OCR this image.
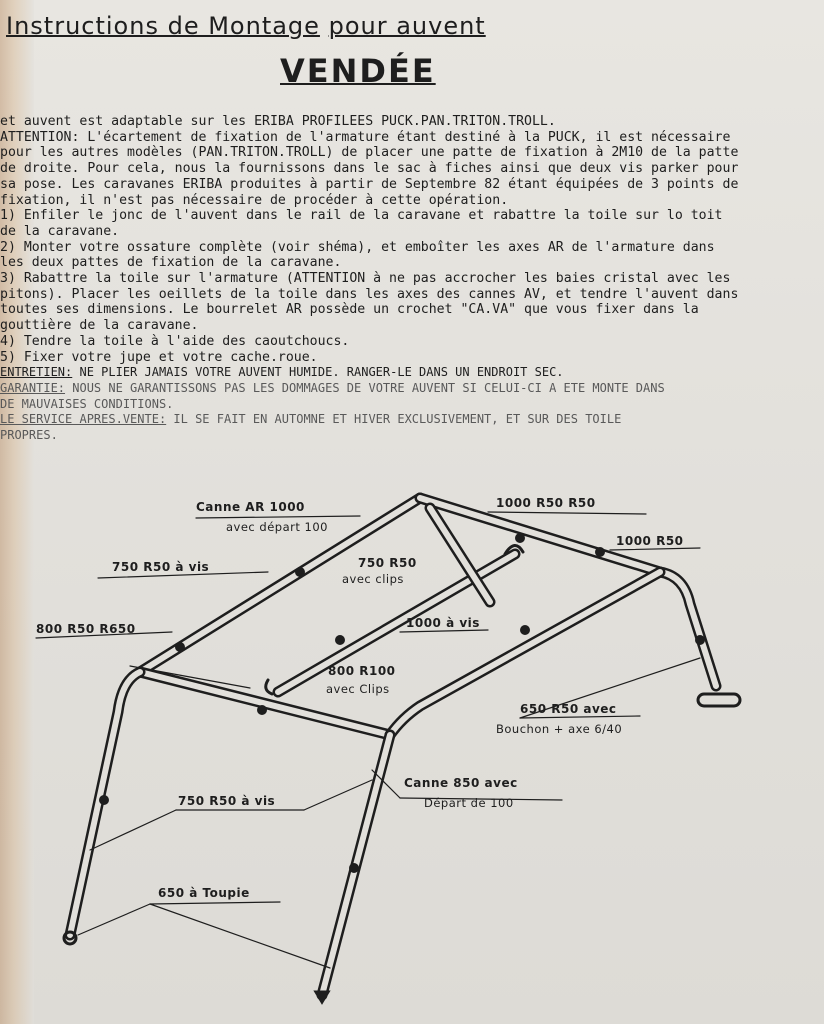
Instructions de Montage pour auvent
VENDÉE
et auvent est adaptable sur les ERIBA PROFILEES PUCK.PAN.TRITON.TROLL.
ATTENTION: L'écartement de fixation de l'armature étant destiné à la PUCK, il est nécessaire
pour les autres modèles (PAN.TRITON.TROLL) de placer une patte de fixation à 2M10 de la patte
de droite. Pour cela, nous la fournissons dans le sac à fiches ainsi que deux vis parker pour
sa pose. Les caravanes ERIBA produites à partir de Septembre 82 étant équipées de 3 points de
fixation, il n'est pas nécessaire de procéder à cette opération.
1) Enfiler le jonc de l'auvent dans le rail de la caravane et rabattre la toile sur lo toit
de la caravane.
2) Monter votre ossature complète (voir shéma), et emboîter les axes AR de l'armature dans
les deux pattes de fixation de la caravane.
3) Rabattre la toile sur l'armature (ATTENTION à ne pas accrocher les baies cristal avec les
pitons). Placer les oeillets de la toile dans les axes des cannes AV, et tendre l'auvent dans
toutes ses dimensions. Le bourrelet AR possède un crochet "CA.VA" que vous fixer dans la
gouttière de la caravane.
4) Tendre la toile à l'aide des caoutchoucs.
5) Fixer votre jupe et votre cache.roue.
ENTRETIEN: NE PLIER JAMAIS VOTRE AUVENT HUMIDE. RANGER-LE DANS UN ENDROIT SEC.
GARANTIE: NOUS NE GARANTISSONS PAS LES DOMMAGES DE VOTRE AUVENT SI CELUI-CI A ETE MONTE DANS
DE MAUVAISES CONDITIONS.
LE SERVICE APRES.VENTE: IL SE FAIT EN AUTOMNE ET HIVER EXCLUSIVEMENT, ET SUR DES TOILE
PROPRES.
Canne AR 1000
avec départ 100
1000 R50 R50
1000 R50
750 R50 à vis	750 R50
avec clips
800 R50 R650	1000 à vis
800 R100
avec Clips
650 R50 avec
Bouchon + axe 6/40
Canne 850 avec
Départ de 100
750 R50 à vis
650 à Toupie
